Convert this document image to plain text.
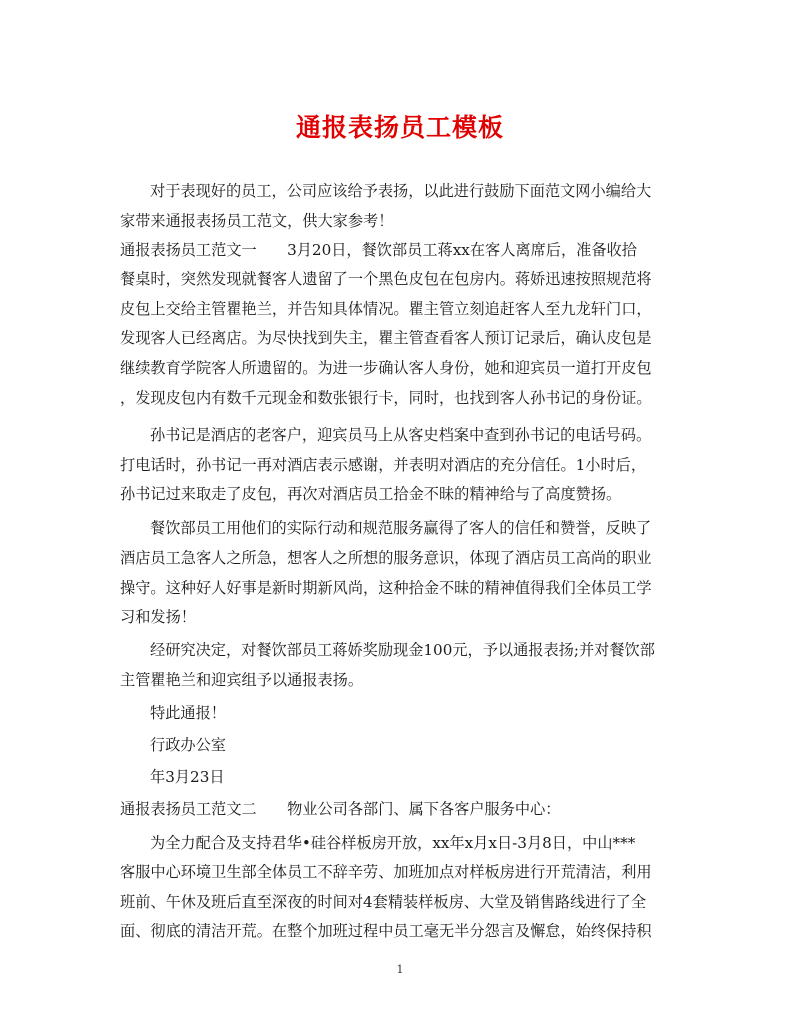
通报表扬员工模板
对于表现好的员工，公司应该给予表扬，以此进行鼓励下面范文网小编给大
家带来通报表扬员工范文，供大家参考！
通报表扬员工范文一　　3月20日，餐饮部员工蒋xx在客人离席后，准备收拾
餐桌时，突然发现就餐客人遗留了一个黑色皮包在包房内。蒋娇迅速按照规范将
皮包上交给主管瞿艳兰，并告知具体情况。瞿主管立刻追赶客人至九龙轩门口，
发现客人已经离店。为尽快找到失主，瞿主管查看客人预订记录后，确认皮包是
继续教育学院客人所遗留的。为进一步确认客人身份，她和迎宾员一道打开皮包
，发现皮包内有数千元现金和数张银行卡，同时，也找到客人孙书记的身份证。
孙书记是酒店的老客户，迎宾员马上从客史档案中查到孙书记的电话号码。
打电话时，孙书记一再对酒店表示感谢，并表明对酒店的充分信任。1小时后，
孙书记过来取走了皮包，再次对酒店员工拾金不昧的精神给与了高度赞扬。
餐饮部员工用他们的实际行动和规范服务赢得了客人的信任和赞誉，反映了
酒店员工急客人之所急，想客人之所想的服务意识，体现了酒店员工高尚的职业
操守。这种好人好事是新时期新风尚，这种拾金不昧的精神值得我们全体员工学
习和发扬！
经研究决定，对餐饮部员工蒋娇奖励现金100元，予以通报表扬;并对餐饮部
主管瞿艳兰和迎宾组予以通报表扬。
特此通报！
行政办公室
年3月23日
通报表扬员工范文二　　物业公司各部门、属下各客户服务中心：
为全力配合及支持君华•硅谷样板房开放，xx年x月x日-3月8日，中山***
客服中心环境卫生部全体员工不辞辛劳、加班加点对样板房进行开荒清洁，利用
班前、午休及班后直至深夜的时间对4套精装样板房、大堂及销售路线进行了全
面、彻底的清洁开荒。在整个加班过程中员工毫无半分怨言及懈怠，始终保持积
1
